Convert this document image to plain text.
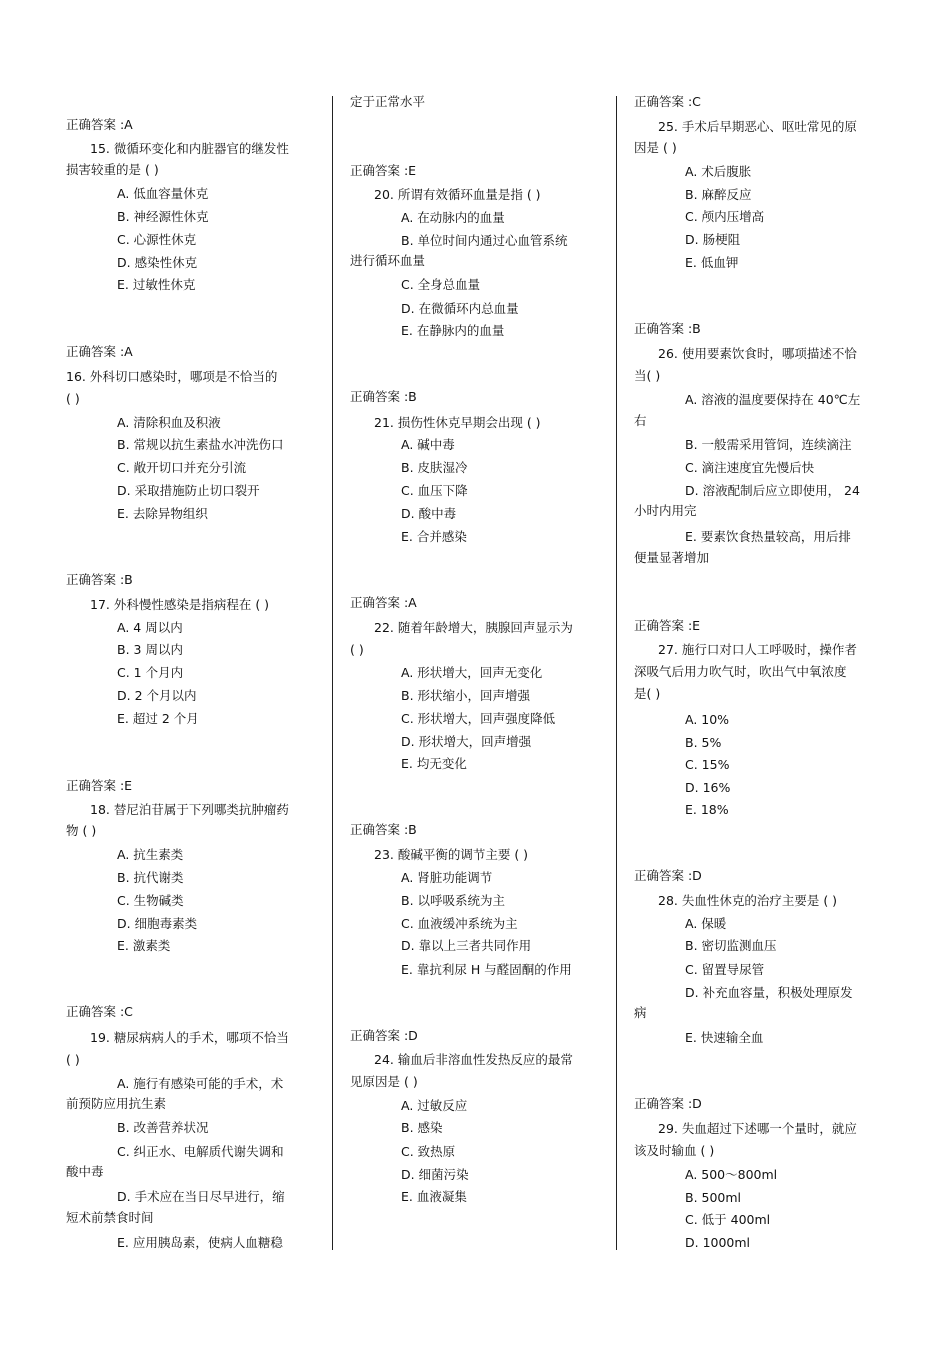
正确答案 :A
15. 微循环变化和内脏器官的继发性
损害较重的是 ( )
A. 低血容量休克
B. 神经源性休克
C. 心源性休克
D. 感染性休克
E. 过敏性休克
正确答案 :A
16. 外科切口感染时，哪项是不恰当的
( )
A. 清除积血及积液
B. 常规以抗生素盐水冲洗伤口
C. 敞开切口并充分引流
D. 采取措施防止切口裂开
E. 去除异物组织
正确答案 :B
17. 外科慢性感染是指病程在 ( )
A. 4 周以内
B. 3 周以内
C. 1 个月内
D. 2 个月以内
E. 超过 2 个月
正确答案 :E
18. 替尼泊苷属于下列哪类抗肿瘤药
物 ( )
A. 抗生素类
B. 抗代谢类
C. 生物碱类
D. 细胞毒素类
E. 激素类
正确答案 :C
19. 糖尿病病人的手术，哪项不恰当
( )
A. 施行有感染可能的手术，术
前预防应用抗生素
B. 改善营养状况
C. 纠正水、电解质代谢失调和
酸中毒
D. 手术应在当日尽早进行，缩
短术前禁食时间
E. 应用胰岛素，使病人血糖稳
定于正常水平
正确答案 :E
20. 所谓有效循环血量是指 ( )
A. 在动脉内的血量
B. 单位时间内通过心血管系统
进行循环血量
C. 全身总血量
D. 在微循环内总血量
E. 在静脉内的血量
正确答案 :B
21. 损伤性休克早期会出现 ( )
A. 碱中毒
B. 皮肤湿冷
C. 血压下降
D. 酸中毒
E. 合并感染
正确答案 :A
22. 随着年龄增大，胰腺回声显示为
( )
A. 形状增大，回声无变化
B. 形状缩小，回声增强
C. 形状增大，回声强度降低
D. 形状增大，回声增强
E. 均无变化
正确答案 :B
23. 酸碱平衡的调节主要 ( )
A. 肾脏功能调节
B. 以呼吸系统为主
C. 血液缓冲系统为主
D. 靠以上三者共同作用
E. 靠抗利尿 H 与醛固酮的作用
正确答案 :D
24. 输血后非溶血性发热反应的最常
见原因是 ( )
A. 过敏反应
B. 感染
C. 致热原
D. 细菌污染
E. 血液凝集
正确答案 :C
25. 手术后早期恶心、呕吐常见的原
因是 ( )
A. 术后腹胀
B. 麻醉反应
C. 颅内压增高
D. 肠梗阻
E. 低血钾
正确答案 :B
26. 使用要素饮食时，哪项描述不恰
当( )
A. 溶液的温度要保持在 40℃左
右
B. 一般需采用管饲，连续滴注
C. 滴注速度宜先慢后快
D. 溶液配制后应立即使用， 24
小时内用完
E. 要素饮食热量较高，用后排
便量显著增加
正确答案 :E
27. 施行口对口人工呼吸时，操作者
深吸气后用力吹气时，吹出气中氧浓度
是( )
A. 10%
B. 5%
C. 15%
D. 16%
E. 18%
正确答案 :D
28. 失血性休克的治疗主要是 ( )
A. 保暖
B. 密切监测血压
C. 留置导尿管
D. 补充血容量，积极处理原发
病
E. 快速输全血
正确答案 :D
29. 失血超过下述哪一个量时，就应
该及时输血 ( )
A. 500～800ml
B. 500ml
C. 低于 400ml
D. 1000ml
